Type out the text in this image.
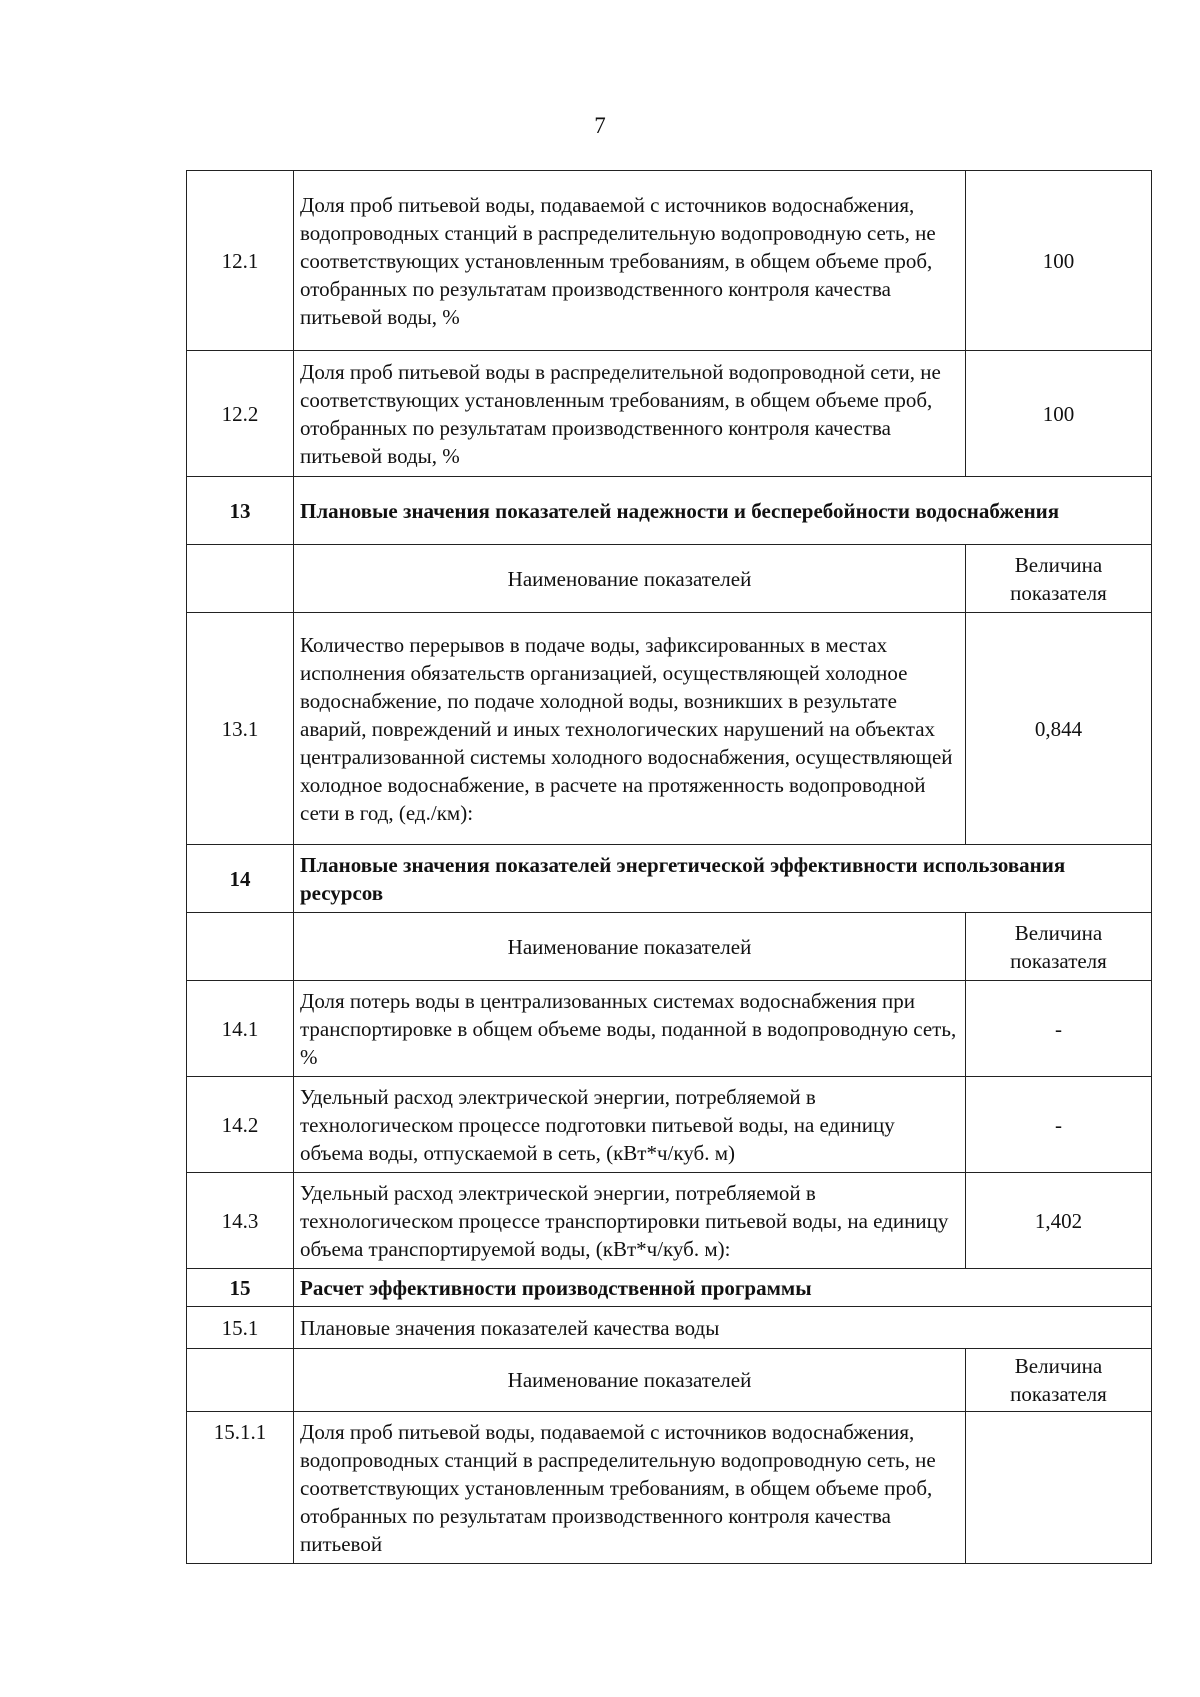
7
12.1	Доля проб питьевой воды, подаваемой с источников водоснабжения, водопроводных станций в распределительную водопроводную сеть, не соответствующих установленным требованиям, в общем объеме проб, отобранных по результатам производственного контроля качества питьевой воды, %	100
12.2	Доля проб питьевой воды в распределительной водопроводной сети, не соответствующих установленным требованиям, в общем объеме проб, отобранных по результатам производственного контроля качества питьевой воды, %	100
13	Плановые значения показателей надежности и бесперебойности водоснабжения	
	Наименование показателей	Величина показателя
13.1	Количество перерывов в подаче воды, зафиксированных в местах исполнения обязательств организацией, осуществляющей холодное водоснабжение, по подаче холодной воды, возникших в результате аварий, повреждений и иных технологических нарушений на объектах централизованной системы холодного водоснабжения, осуществляющей холодное водоснабжение, в расчете на протяженность водопроводной сети в год, (ед./км):	0,844
14	Плановые значения показателей энергетической эффективности использования ресурсов	
	Наименование показателей	Величина показателя
14.1	Доля потерь воды в централизованных системах водоснабжения при транспортировке в общем объеме воды, поданной в водопроводную сеть, %	-
14.2	Удельный расход электрической энергии, потребляемой в технологическом процессе подготовки питьевой воды, на единицу объема воды, отпускаемой в сеть, (кВт*ч/куб. м)	-
14.3	Удельный расход электрической энергии, потребляемой в технологическом процессе транспортировки питьевой воды, на единицу объема транспортируемой воды, (кВт*ч/куб. м):	1,402
15	Расчет эффективности производственной программы	
15.1	Плановые значения показателей качества воды	
	Наименование показателей	Величина показателя
15.1.1	Доля проб питьевой воды, подаваемой с источников водоснабжения, водопроводных станций в распределительную водопроводную сеть, не соответствующих установленным требованиям, в общем объеме проб, отобранных по результатам производственного контроля качества питьевой	
